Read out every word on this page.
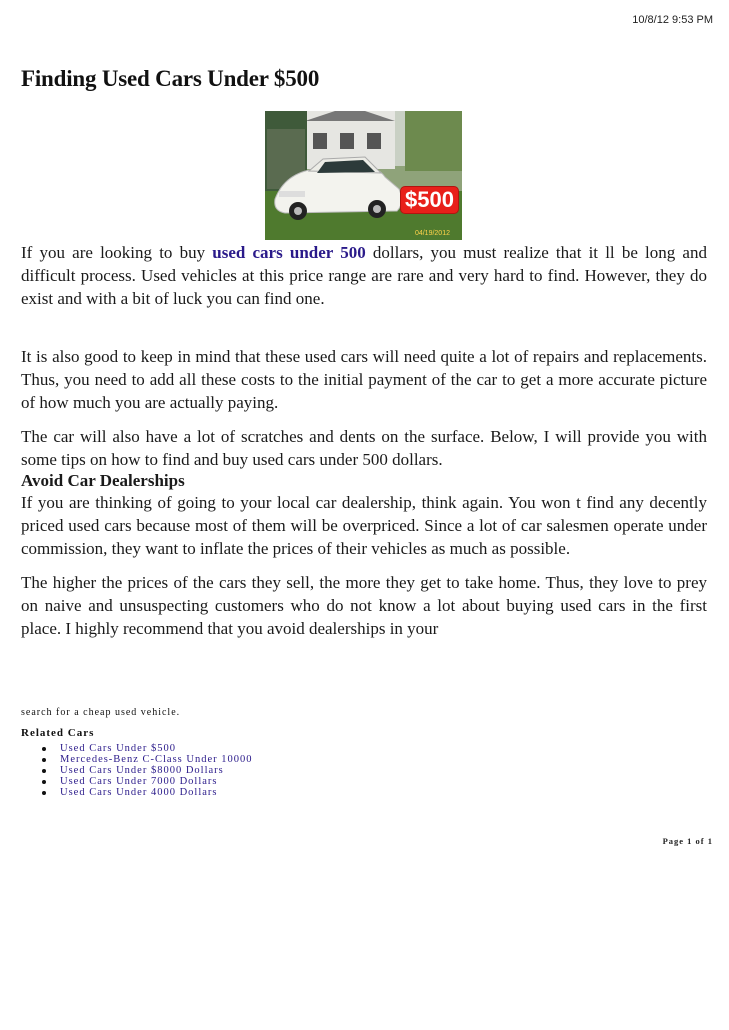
10/8/12 9:53 PM
Finding Used Cars Under $500
$500
04/19/2012

If you are looking to buy used cars under 500 dollars, you must realize that it ll be long and difficult process. Used vehicles at this price range are rare and very hard to find. However, they do exist and with a bit of luck you can find one.

It is also good to keep in mind that these used cars will need quite a lot of repairs and replacements. Thus, you need to add all these costs to the initial payment of the car to get a more accurate picture of how much you are actually paying.

The car will also have a lot of scratches and dents on the surface. Below, I will provide you with some tips on how to find and buy used cars under 500 dollars.

Avoid Car Dealerships

If you are thinking of going to your local car dealership, think again. You won t find any decently priced used cars because most of them will be overpriced. Since a lot of car salesmen operate under commission, they want to inflate the prices of their vehicles as much as possible.

The higher the prices of the cars they sell, the more they get to take home. Thus, they love to prey on naive and unsuspecting customers who do not know a lot about buying used cars in the first place. I highly recommend that you avoid dealerships in your

search for a cheap used vehicle.
Related Cars
Used Cars Under $500
Mercedes-Benz C-Class Under 10000
Used Cars Under $8000 Dollars
Used Cars Under 7000 Dollars
Used Cars Under 4000 Dollars
Page 1 of 1
